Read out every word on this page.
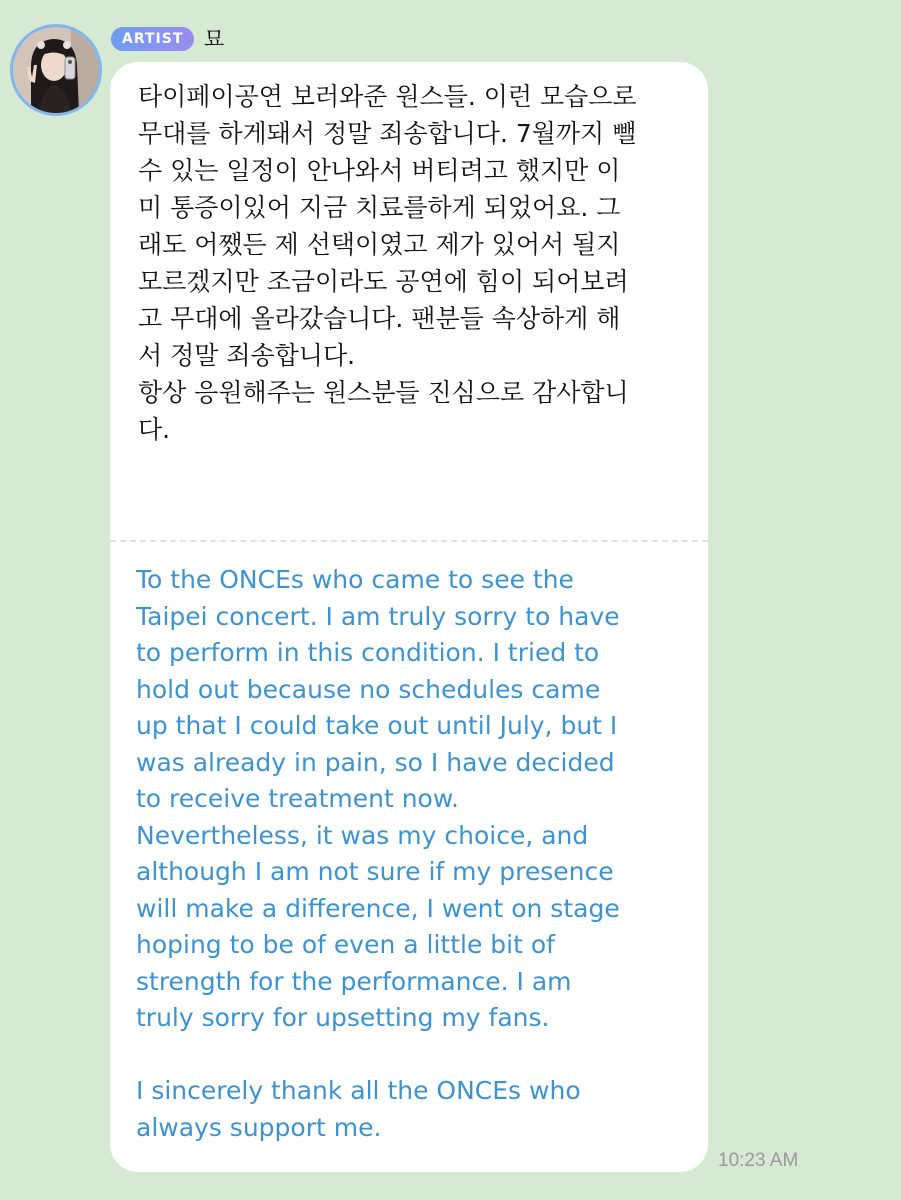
ARTIST 묘
타이페이공연 보러와준 원스들. 이런 모습으로
무대를 하게돼서 정말 죄송합니다. 7월까지 뺄
수 있는 일정이 안나와서 버티려고 했지만 이
미 통증이있어 지금 치료를하게 되었어요. 그
래도 어쨌든 제 선택이였고 제가 있어서 될지
모르겠지만 조금이라도 공연에 힘이 되어보려
고 무대에 올라갔습니다. 팬분들 속상하게 해
서 정말 죄송합니다.
항상 응원해주는 원스분들 진심으로 감사합니
다.
To the ONCEs who came to see the
Taipei concert. I am truly sorry to have
to perform in this condition. I tried to
hold out because no schedules came
up that I could take out until July, but I
was already in pain, so I have decided
to receive treatment now.
Nevertheless, it was my choice, and
although I am not sure if my presence
will make a difference, I went on stage
hoping to be of even a little bit of
strength for the performance. I am
truly sorry for upsetting my fans.

I sincerely thank all the ONCEs who
always support me.
10:23 AM
